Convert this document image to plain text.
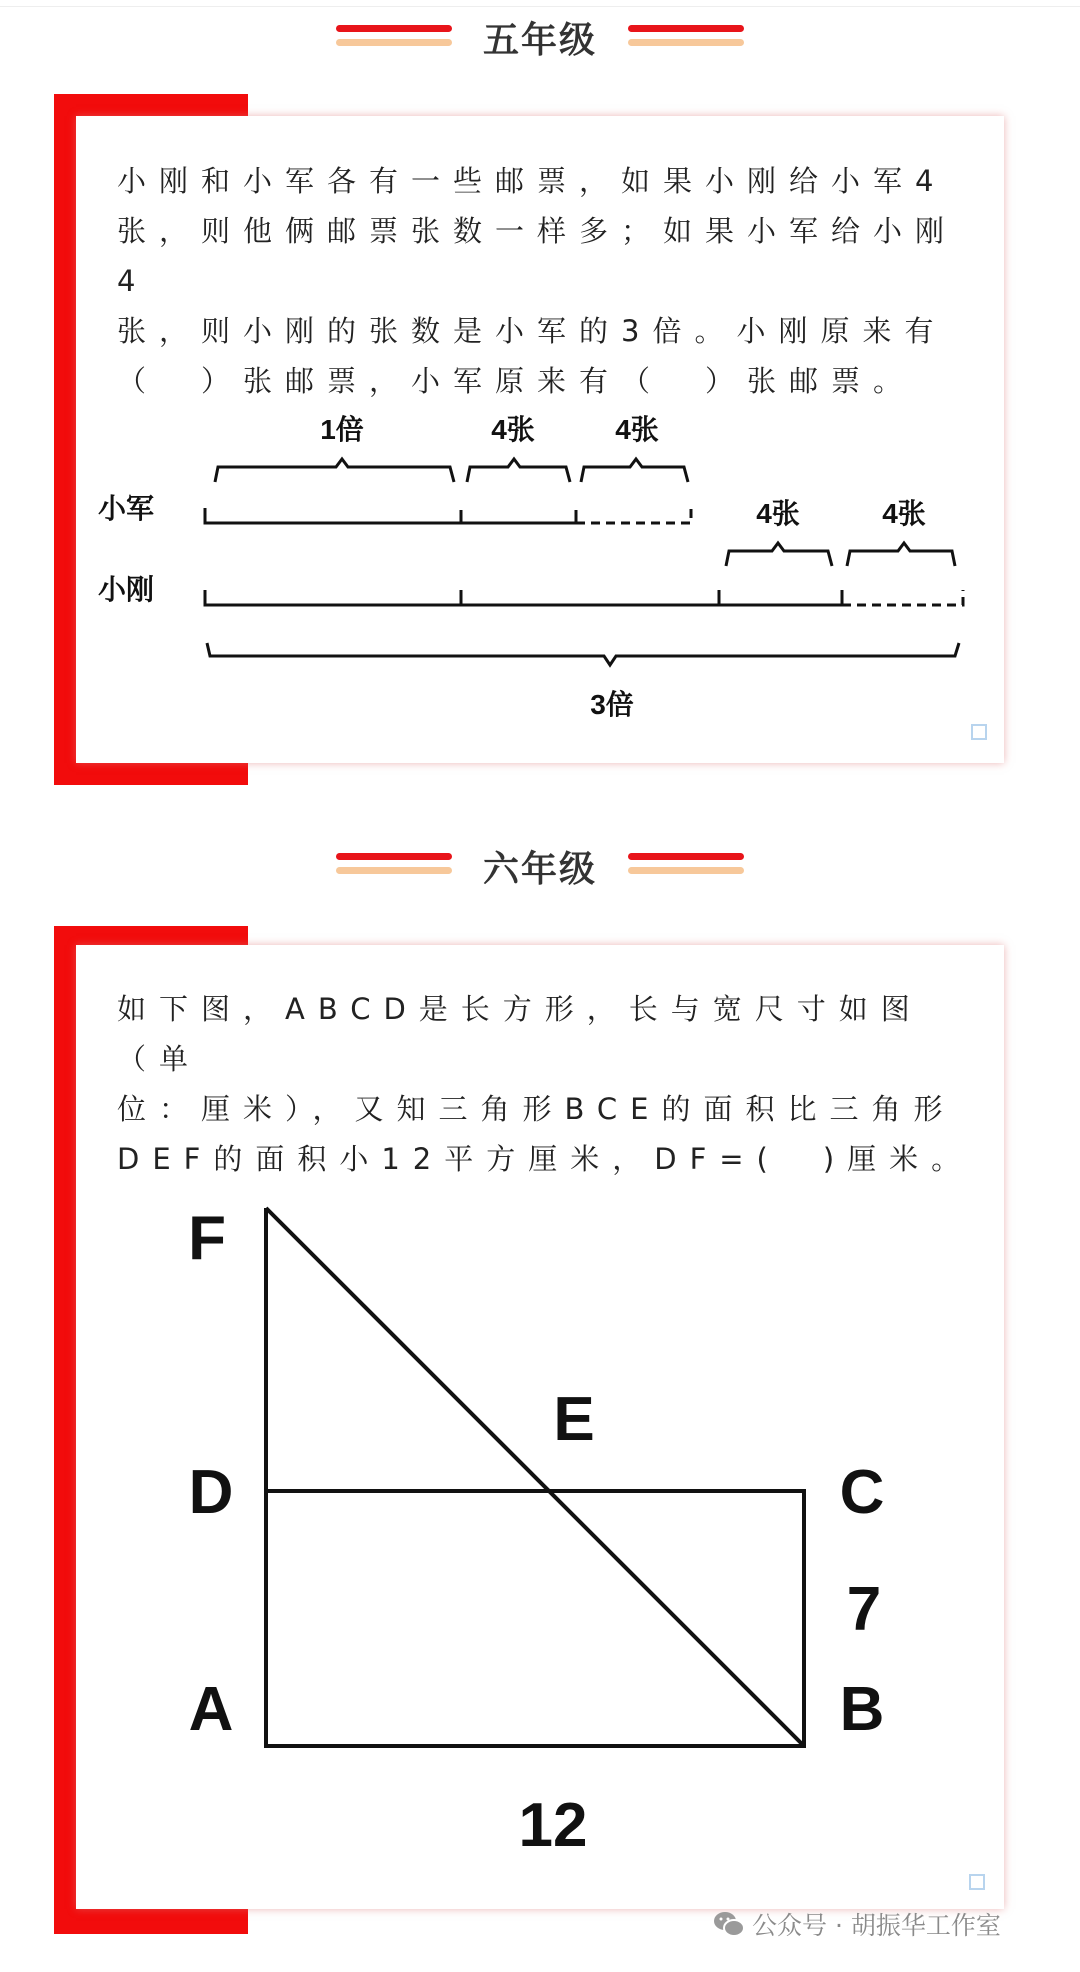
五年级
小刚和小军各有一些邮票，如果小刚给小军4
张，则他俩邮票张数一样多；如果小军给小刚4
张，则小刚的张数是小军的3倍。小刚原来有
（　）张邮票，小军原来有（　）张邮票。
小军
小刚
1倍	4张	4张
4张	4张
3倍
六年级
如下图，ABCD是长方形，长与宽尺寸如图（单
位：厘米），又知三角形BCE的面积比三角形
DEF的面积小12平方厘米，DF=(　)厘米。
F
E
D	C
7
A	B
12
公众号 · 胡振华工作室
